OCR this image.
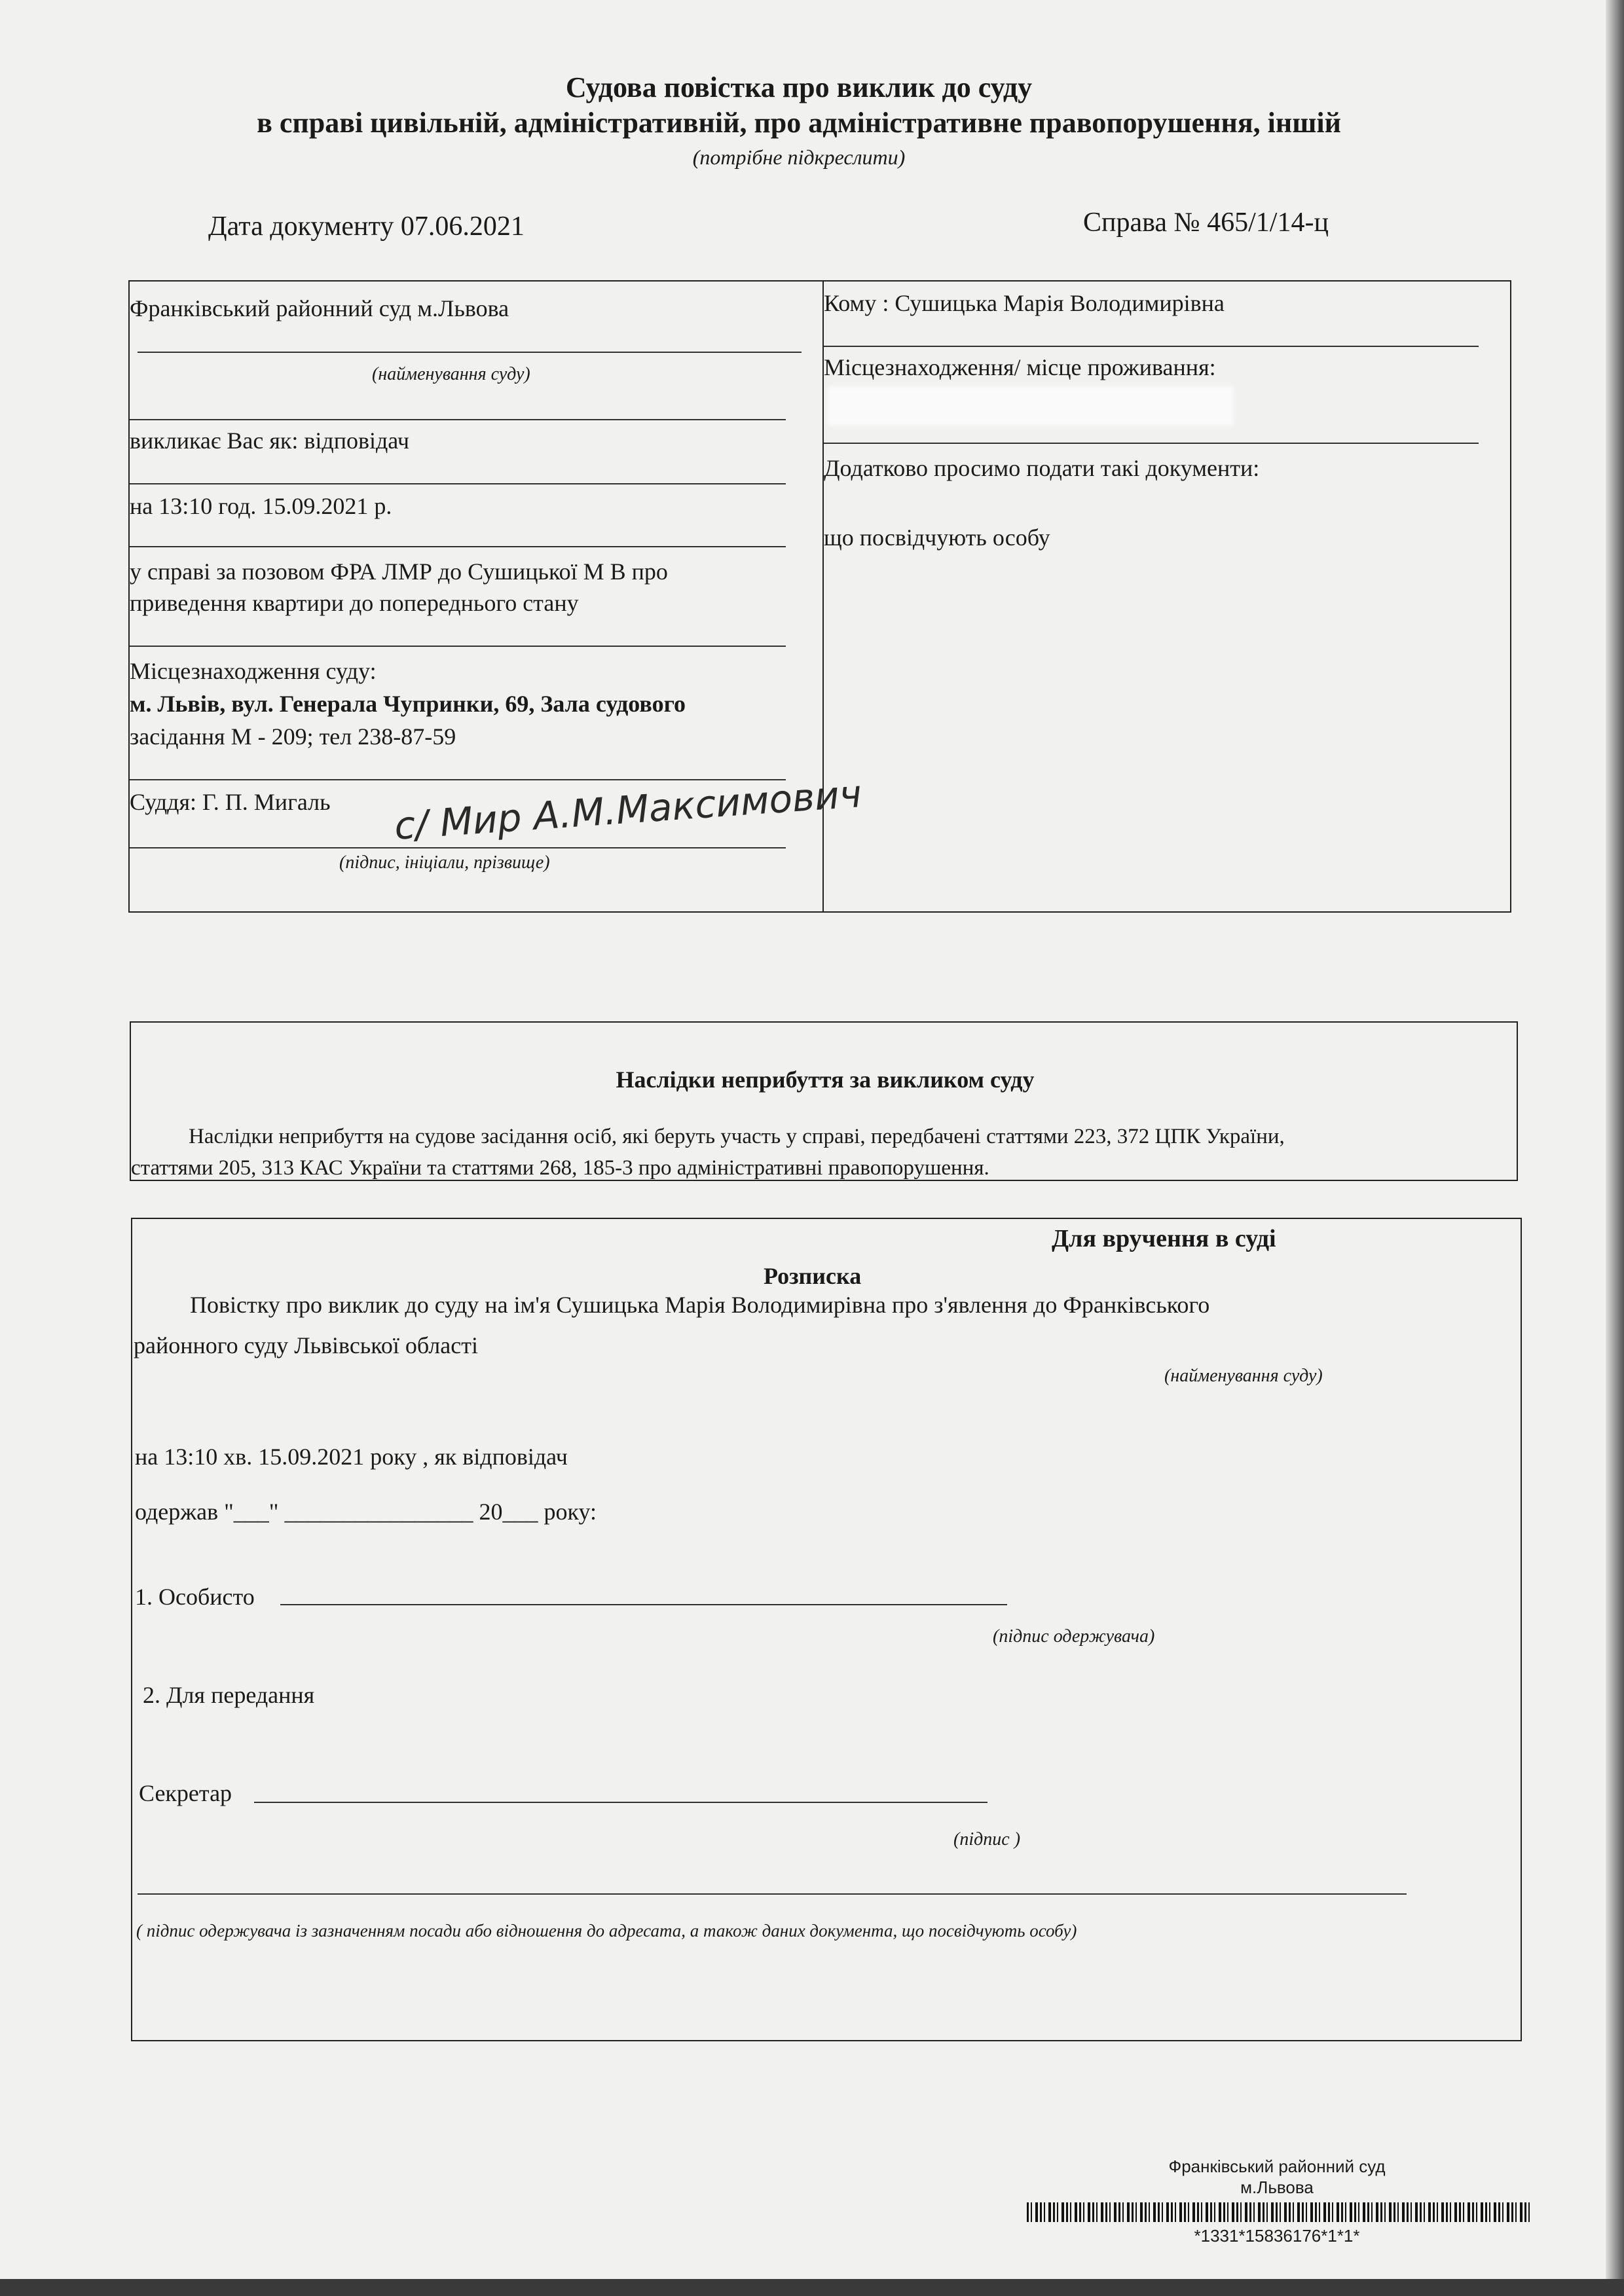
Судова повістка про виклик до суду
в справі цивільній, адміністративній, про адміністративне правопорушення, іншій
(потрібне підкреслити)
Дата документу 07.06.2021	Справа № 465/1/14-ц
Франківський районний суд м.Львова
(найменування суду)
викликає Вас як: відповідач
на 13:10 год. 15.09.2021 р.
у справі за позовом ФРА ЛМР до Сушицької М В про
приведення квартири до попереднього стану
Місцезнаходження суду:
м. Львів, вул. Генерала Чупринки, 69, Зала судового
засідання М - 209; тел 238-87-59
Суддя: Г. П. Мигаль
(підпис, ініціали, прізвище)
с/ Мир А.М.Максимович
Кому : Сушицька Марія Володимирівна
Місцезнаходження/ місце проживання:
Додатково просимо подати такі документи:
що посвідчують особу
Наслідки неприбуття за викликом суду
Наслідки неприбуття на судове засідання осіб, які беруть участь у справі, передбачені статтями 223, 372 ЦПК України,
статтями 205, 313 КАС України та статтями 268, 185-3 про адміністративні правопорушення.
Для вручення в суді
Розписка
Повістку про виклик до суду на ім'я Сушицька Марія Володимирівна про з'явлення до Франківського
районного суду Львівської області
(найменування суду)
на 13:10 хв. 15.09.2021 року , як відповідач
одержав "___" ________________ 20___ року:
1. Особисто
(підпис одержувача)
2. Для передання
Секретар
(підпис )
( підпис одержувача із зазначенням посади або відношення до адресата, а також даних документа, що посвідчують особу)
Франківський районний суд
м.Львова
*1331*15836176*1*1*
